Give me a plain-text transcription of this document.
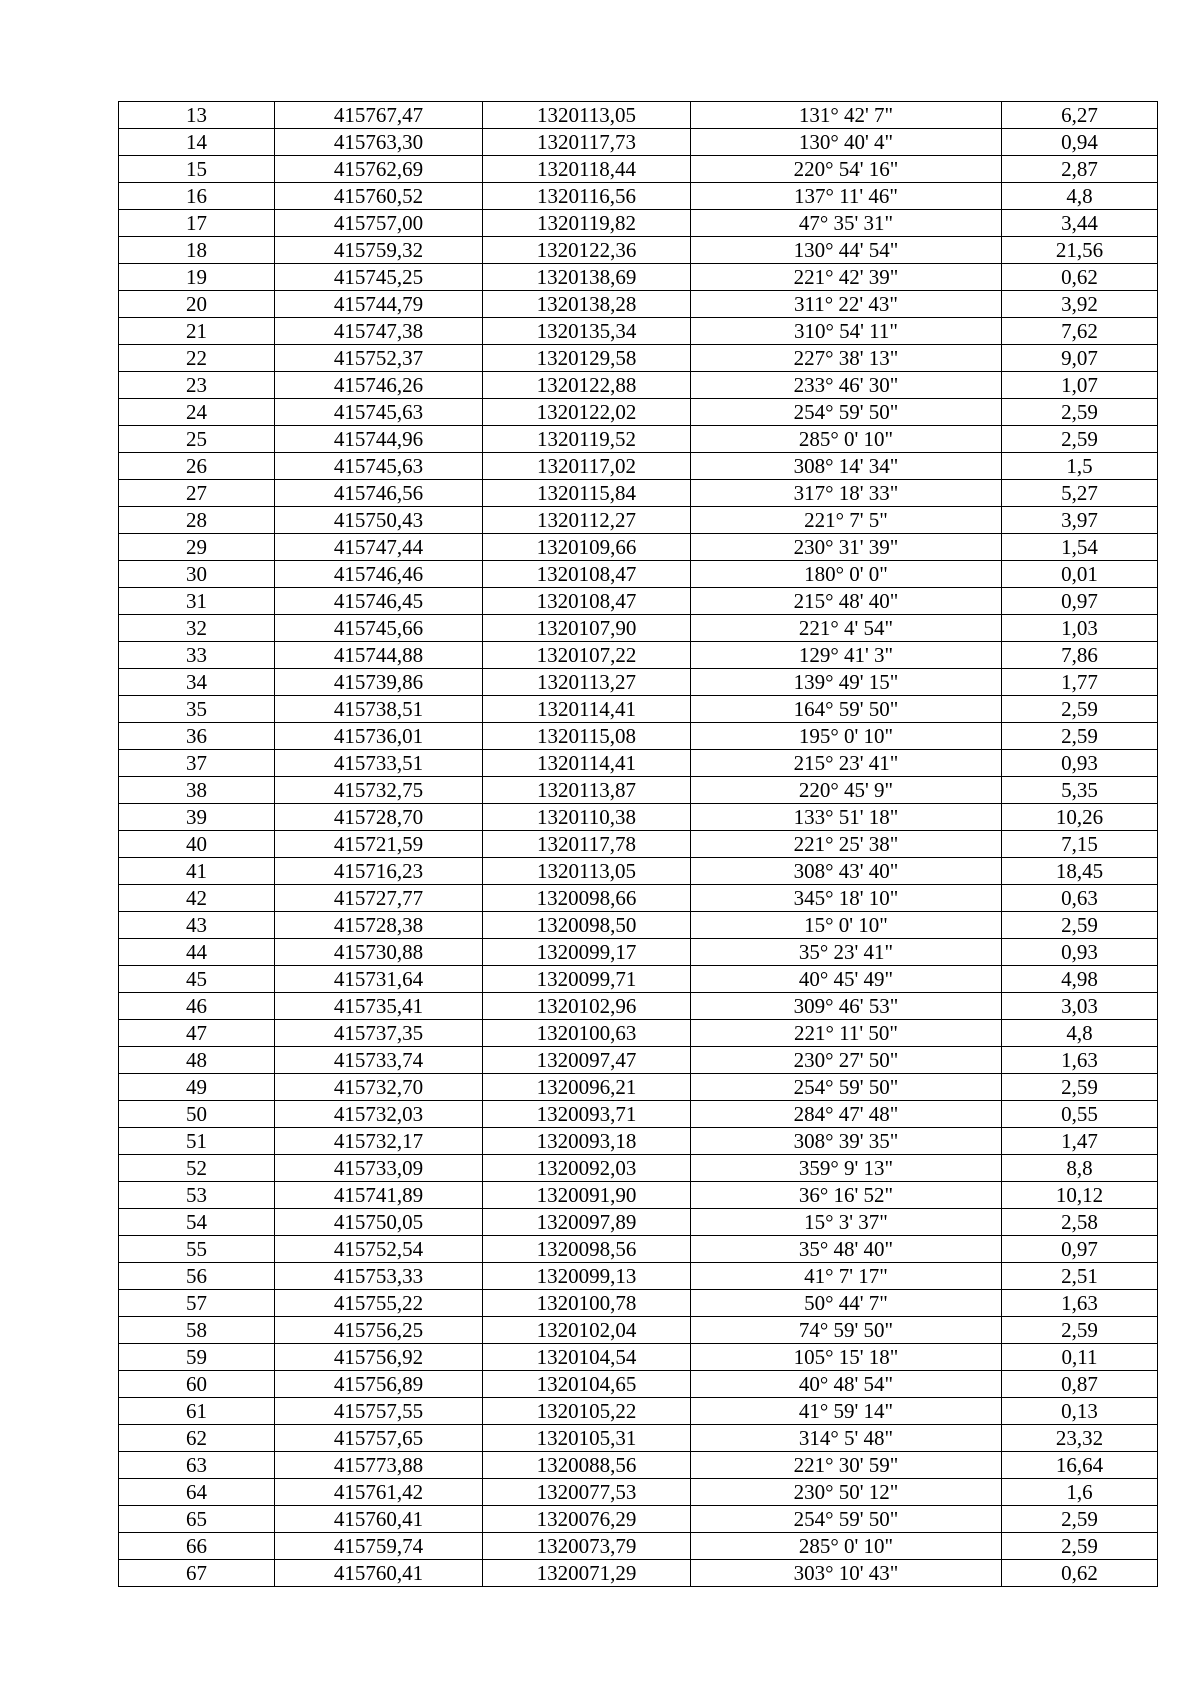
13	415767,47	1320113,05	131° 42' 7"	6,27
14	415763,30	1320117,73	130° 40' 4"	0,94
15	415762,69	1320118,44	220° 54' 16"	2,87
16	415760,52	1320116,56	137° 11' 46"	4,8
17	415757,00	1320119,82	47° 35' 31"	3,44
18	415759,32	1320122,36	130° 44' 54"	21,56
19	415745,25	1320138,69	221° 42' 39"	0,62
20	415744,79	1320138,28	311° 22' 43"	3,92
21	415747,38	1320135,34	310° 54' 11"	7,62
22	415752,37	1320129,58	227° 38' 13"	9,07
23	415746,26	1320122,88	233° 46' 30"	1,07
24	415745,63	1320122,02	254° 59' 50"	2,59
25	415744,96	1320119,52	285° 0' 10"	2,59
26	415745,63	1320117,02	308° 14' 34"	1,5
27	415746,56	1320115,84	317° 18' 33"	5,27
28	415750,43	1320112,27	221° 7' 5"	3,97
29	415747,44	1320109,66	230° 31' 39"	1,54
30	415746,46	1320108,47	180° 0' 0"	0,01
31	415746,45	1320108,47	215° 48' 40"	0,97
32	415745,66	1320107,90	221° 4' 54"	1,03
33	415744,88	1320107,22	129° 41' 3"	7,86
34	415739,86	1320113,27	139° 49' 15"	1,77
35	415738,51	1320114,41	164° 59' 50"	2,59
36	415736,01	1320115,08	195° 0' 10"	2,59
37	415733,51	1320114,41	215° 23' 41"	0,93
38	415732,75	1320113,87	220° 45' 9"	5,35
39	415728,70	1320110,38	133° 51' 18"	10,26
40	415721,59	1320117,78	221° 25' 38"	7,15
41	415716,23	1320113,05	308° 43' 40"	18,45
42	415727,77	1320098,66	345° 18' 10"	0,63
43	415728,38	1320098,50	15° 0' 10"	2,59
44	415730,88	1320099,17	35° 23' 41"	0,93
45	415731,64	1320099,71	40° 45' 49"	4,98
46	415735,41	1320102,96	309° 46' 53"	3,03
47	415737,35	1320100,63	221° 11' 50"	4,8
48	415733,74	1320097,47	230° 27' 50"	1,63
49	415732,70	1320096,21	254° 59' 50"	2,59
50	415732,03	1320093,71	284° 47' 48"	0,55
51	415732,17	1320093,18	308° 39' 35"	1,47
52	415733,09	1320092,03	359° 9' 13"	8,8
53	415741,89	1320091,90	36° 16' 52"	10,12
54	415750,05	1320097,89	15° 3' 37"	2,58
55	415752,54	1320098,56	35° 48' 40"	0,97
56	415753,33	1320099,13	41° 7' 17"	2,51
57	415755,22	1320100,78	50° 44' 7"	1,63
58	415756,25	1320102,04	74° 59' 50"	2,59
59	415756,92	1320104,54	105° 15' 18"	0,11
60	415756,89	1320104,65	40° 48' 54"	0,87
61	415757,55	1320105,22	41° 59' 14"	0,13
62	415757,65	1320105,31	314° 5' 48"	23,32
63	415773,88	1320088,56	221° 30' 59"	16,64
64	415761,42	1320077,53	230° 50' 12"	1,6
65	415760,41	1320076,29	254° 59' 50"	2,59
66	415759,74	1320073,79	285° 0' 10"	2,59
67	415760,41	1320071,29	303° 10' 43"	0,62
